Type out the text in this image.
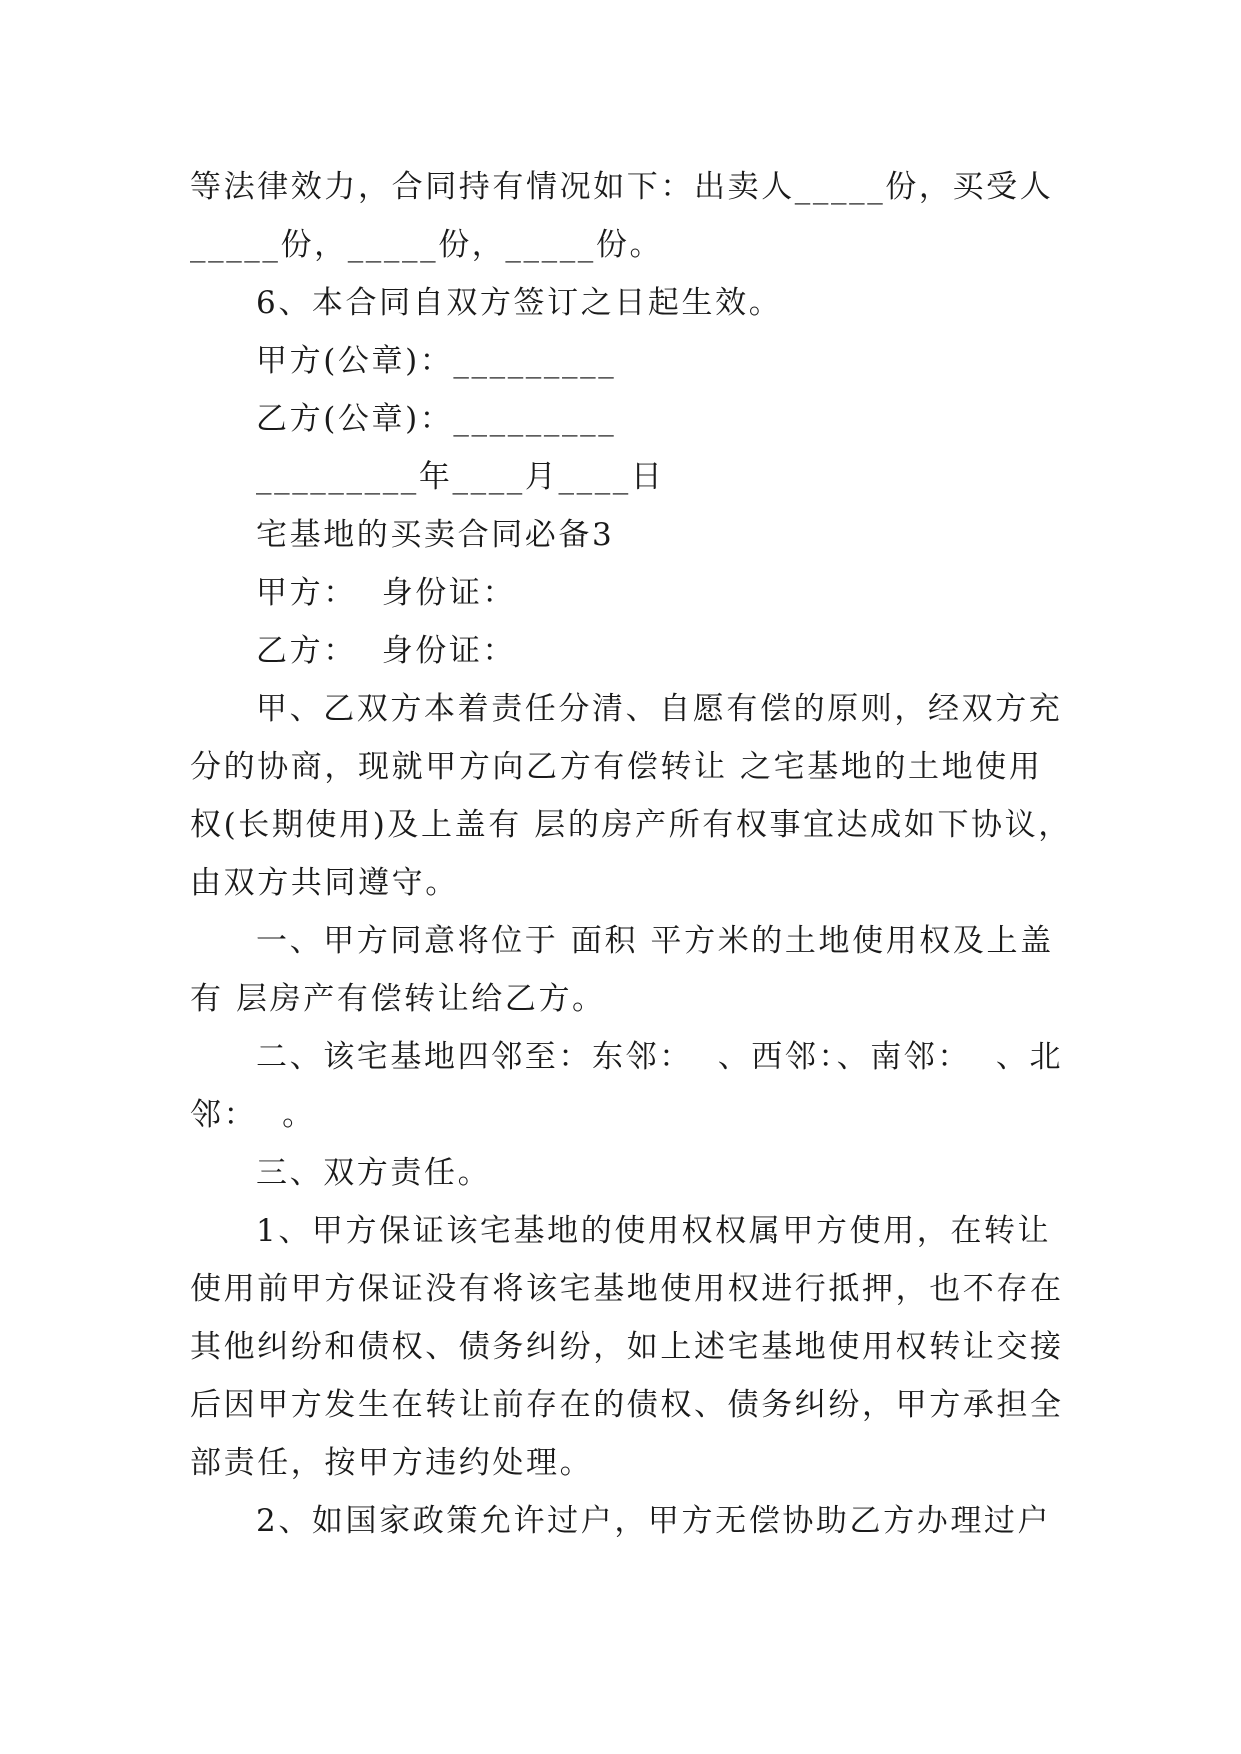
等法律效力，合同持有情况如下：出卖人_____份，买受人
_____份，_____份，_____份。
6、本合同自双方签订之日起生效。
甲方(公章)：_________
乙方(公章)：_________
_________年____月____日
宅基地的买卖合同必备3
甲方：  身份证：
乙方：  身份证：
甲、乙双方本着责任分清、自愿有偿的原则，经双方充
分的协商，现就甲方向乙方有偿转让 之宅基地的土地使用
权(长期使用)及上盖有 层的房产所有权事宜达成如下协议，
由双方共同遵守。
一、甲方同意将位于 面积 平方米的土地使用权及上盖
有 层房产有偿转让给乙方。
二、该宅基地四邻至：东邻：  、西邻：、南邻：  、北
邻：  。
三、双方责任。
1、甲方保证该宅基地的使用权权属甲方使用，在转让
使用前甲方保证没有将该宅基地使用权进行抵押，也不存在
其他纠纷和债权、债务纠纷，如上述宅基地使用权转让交接
后因甲方发生在转让前存在的债权、债务纠纷，甲方承担全
部责任，按甲方违约处理。
2、如国家政策允许过户，甲方无偿协助乙方办理过户
